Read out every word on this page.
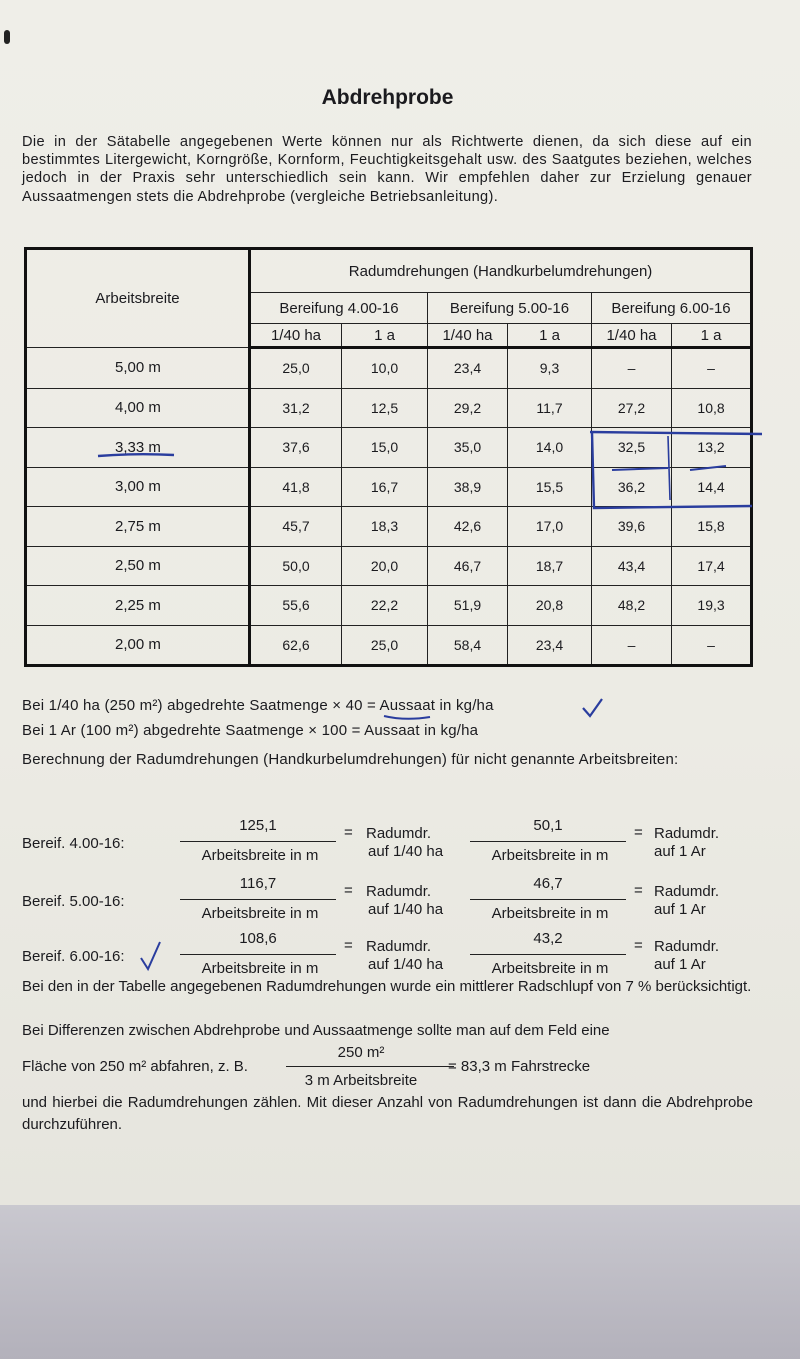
Abdrehprobe

Die in der Sätabelle angegebenen Werte können nur als Richtwerte dienen, da sich diese auf ein bestimmtes Litergewicht, Korngröße, Kornform, Feuchtigkeitsgehalt usw. des Saatgutes beziehen, welches jedoch in der Praxis sehr unterschiedlich sein kann. Wir empfehlen daher zur Erzielung genauer Aussaatmengen stets die Abdrehprobe (vergleiche Betriebsanleitung).

Arbeitsbreite	Radumdrehungen (Handkurbelumdrehungen)					
	Bereifung 4.00-16		Bereifung 5.00-16		Bereifung 6.00-16	
	1/40 ha	1 a	1/40 ha	1 a	1/40 ha	1 a
5,00 m	25,0	10,0	23,4	9,3	–	–
4,00 m	31,2	12,5	29,2	11,7	27,2	10,8
3,33 m	37,6	15,0	35,0	14,0	32,5	13,2
3,00 m	41,8	16,7	38,9	15,5	36,2	14,4
2,75 m	45,7	18,3	42,6	17,0	39,6	15,8
2,50 m	50,0	20,0	46,7	18,7	43,4	17,4
2,25 m	55,6	22,2	51,9	20,8	48,2	19,3
2,00 m	62,6	25,0	58,4	23,4	–	–

Bei 1/40 ha (250 m²) abgedrehte Saatmenge × 40 = Aussaat in kg/ha

Bei 1 Ar (100 m²) abgedrehte Saatmenge × 100 = Aussaat in kg/ha

Berechnung der Radumdrehungen (Handkurbelumdrehungen) für nicht genannte Arbeitsbreiten:

Bereif. 4.00-16:
125,1
Arbeitsbreite in m
= Radumdr.
auf 1/40 ha
50,1
Arbeitsbreite in m
= Radumdr.
auf 1 Ar
Bereif. 5.00-16:
116,7
Arbeitsbreite in m
= Radumdr.
auf 1/40 ha
46,7
Arbeitsbreite in m
= Radumdr.
auf 1 Ar
Bereif. 6.00-16:
108,6
Arbeitsbreite in m
= Radumdr.
auf 1/40 ha
43,2
Arbeitsbreite in m
= Radumdr.
auf 1 Ar

Bei den in der Tabelle angegebenen Radumdrehungen wurde ein mittlerer Radschlupf von 7 % berücksichtigt.

Bei Differenzen zwischen Abdrehprobe und Aussaatmenge sollte man auf dem Feld eine

Fläche von 250 m² abfahren, z. B.
250 m²
3 m Arbeitsbreite
= 83,3 m Fahrstrecke

und hierbei die Radumdrehungen zählen. Mit dieser Anzahl von Radumdrehungen ist dann die Abdrehprobe durchzuführen.
